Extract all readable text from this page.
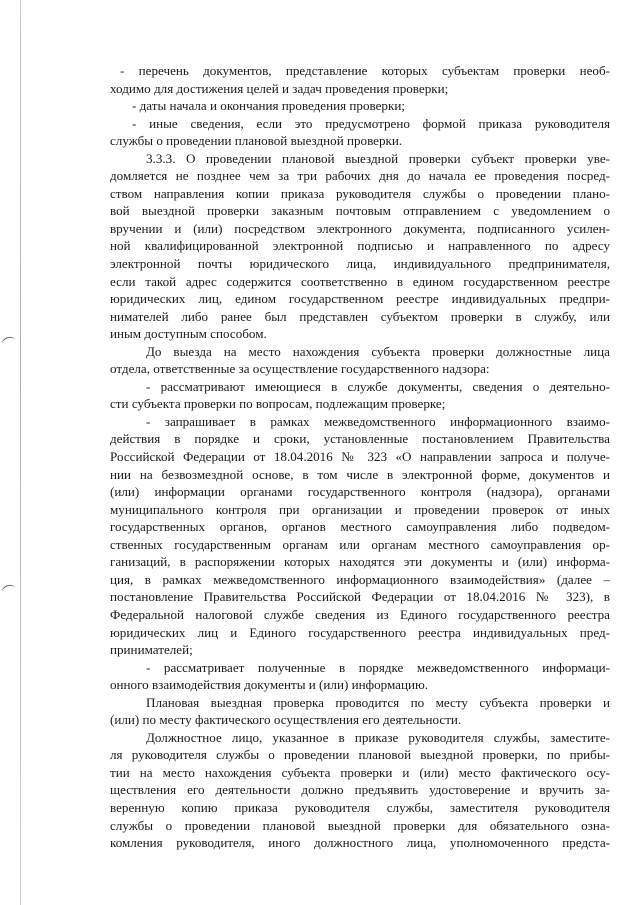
- перечень документов, представление которых субъектам проверки необ-
ходимо для достижения целей и задач проведения проверки;
- даты начала и окончания проведения проверки;
- иные сведения, если это предусмотрено формой приказа руководителя
службы о проведении плановой выездной проверки.
3.3.3. О проведении плановой выездной проверки субъект проверки уве-
домляется не позднее чем за три рабочих дня до начала ее проведения посред-
ством направления копии приказа руководителя службы о проведении плано-
вой выездной проверки заказным почтовым отправлением с уведомлением о
вручении и (или) посредством электронного документа, подписанного усилен-
ной квалифицированной электронной подписью и направленного по адресу
электронной почты юридического лица, индивидуального предпринимателя,
если такой адрес содержится соответственно в едином государственном реестре
юридических лиц, едином государственном реестре индивидуальных предпри-
нимателей либо ранее был представлен субъектом проверки в службу, или
иным доступным способом.
До выезда на место нахождения субъекта проверки должностные лица
отдела, ответственные за осуществление государственного надзора:
- рассматривают имеющиеся в службе документы, сведения о деятельно-
сти субъекта проверки по вопросам, подлежащим проверке;
- запрашивает в рамках межведомственного информационного взаимо-
действия в порядке и сроки, установленные постановлением Правительства
Российской Федерации от 18.04.2016 № 323 «О направлении запроса и получе-
нии на безвозмездной основе, в том числе в электронной форме, документов и
(или) информации органами государственного контроля (надзора), органами
муниципального контроля при организации и проведении проверок от иных
государственных органов, органов местного самоуправления либо подведом-
ственных государственным органам или органам местного самоуправления ор-
ганизаций, в распоряжении которых находятся эти документы и (или) информа-
ция, в рамках межведомственного информационного взаимодействия» (далее –
постановление Правительства Российской Федерации от 18.04.2016 № 323), в
Федеральной налоговой службе сведения из Единого государственного реестра
юридических лиц и Единого государственного реестра индивидуальных пред-
принимателей;
- рассматривает полученные в порядке межведомственного информаци-
онного взаимодействия документы и (или) информацию.
Плановая выездная проверка проводится по месту субъекта проверки и
(или) по месту фактического осуществления его деятельности.
Должностное лицо, указанное в приказе руководителя службы, заместите-
ля руководителя службы о проведении плановой выездной проверки, по прибы-
тии на место нахождения субъекта проверки и (или) место фактического осу-
ществления его деятельности должно предъявить удостоверение и вручить за-
веренную копию приказа руководителя службы, заместителя руководителя
службы о проведении плановой выездной проверки для обязательного озна-
комления руководителя, иного должностного лица, уполномоченного предста-
